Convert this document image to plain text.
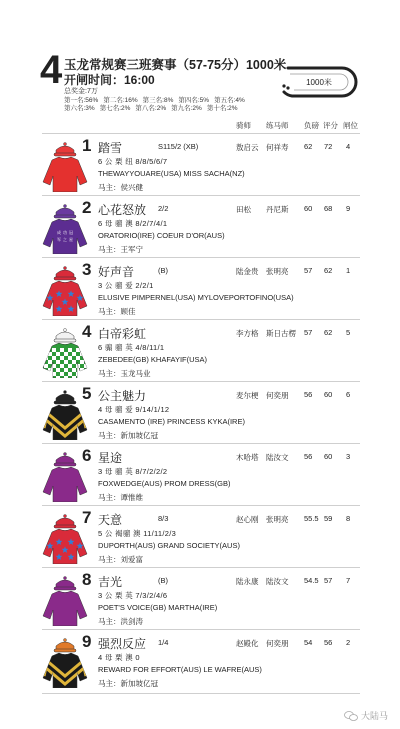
4 玉龙常规赛三班赛事（57-75分）1000米
开闸时间：16:00
总奖金:7万
第一名:56% 第二名:16% 第三名:8% 第四名:5% 第五名:4%
第六名:3% 第七名:2% 第八名:2% 第九名:2% 第十名:2%
1000米
骑师 练马师 负磅 评分 闸位
1 踏雪	S115/2 (XB)	敖启云 何祥寿 62 72 4
6 公 栗 纽 8/8/5/6/7
THEWAYYOUARE(USA) MISS SACHA(NZ)
马主：侯兴健
成 功 冠
军 之 星
2 心花怒放 2/2	田松 丹尼斯 60 68 9
6 母 骝 澳 8/2/7/4/1
ORATORIO(IRE) COEUR D'OR(AUS)
马主：王军宁
3 好声音	(B)	陆金贵 张明亮 57 62 1
3 公 骝 爱 2/2/1
ELUSIVE PIMPERNEL(USA) MYLOVEPORTOFINO(USA)
马主：顾佳
4 白帝彩虹	李方格 斯日古楞 57 62 5
6 骟 骝 英 4/8/11/1
ZEBEDEE(GB) KHAFAYIF(USA)
马主：玉龙马业
5 公主魅力	麦尔梗 何奕朋 56 60 6
4 母 骝 爱 9/14/1/12
CASAMENTO (IRE) PRINCESS KYKA(IRE)
马主：新加坡亿冠
6 星途	木哈塔 陆汝文 56 60 3
3 母 骝 英 8/7/2/2/2
FOXWEDGE(AUS) PROM DRESS(GB)
马主：谭惟维
7 天意	8/3	赵心刚 张明亮 55.5 59 8
5 公 褐骝 澳 11/11/2/3
DUPORTH(AUS) GRAND SOCIETY(AUS)
马主：刘爱富
8 吉光	(B)	陆永康 陆汝文 54.5 57 7
3 公 栗 英 7/3/2/4/6
POET'S VOICE(GB) MARTHA(IRE)
马主：洪剑涛
9 强烈反应 1/4	赵殿化 何奕朋 54 56 2
4 母 栗 澳 0
REWARD FOR EFFORT(AUS) LE WAFRE(AUS)
马主：新加坡亿冠
大陆马
